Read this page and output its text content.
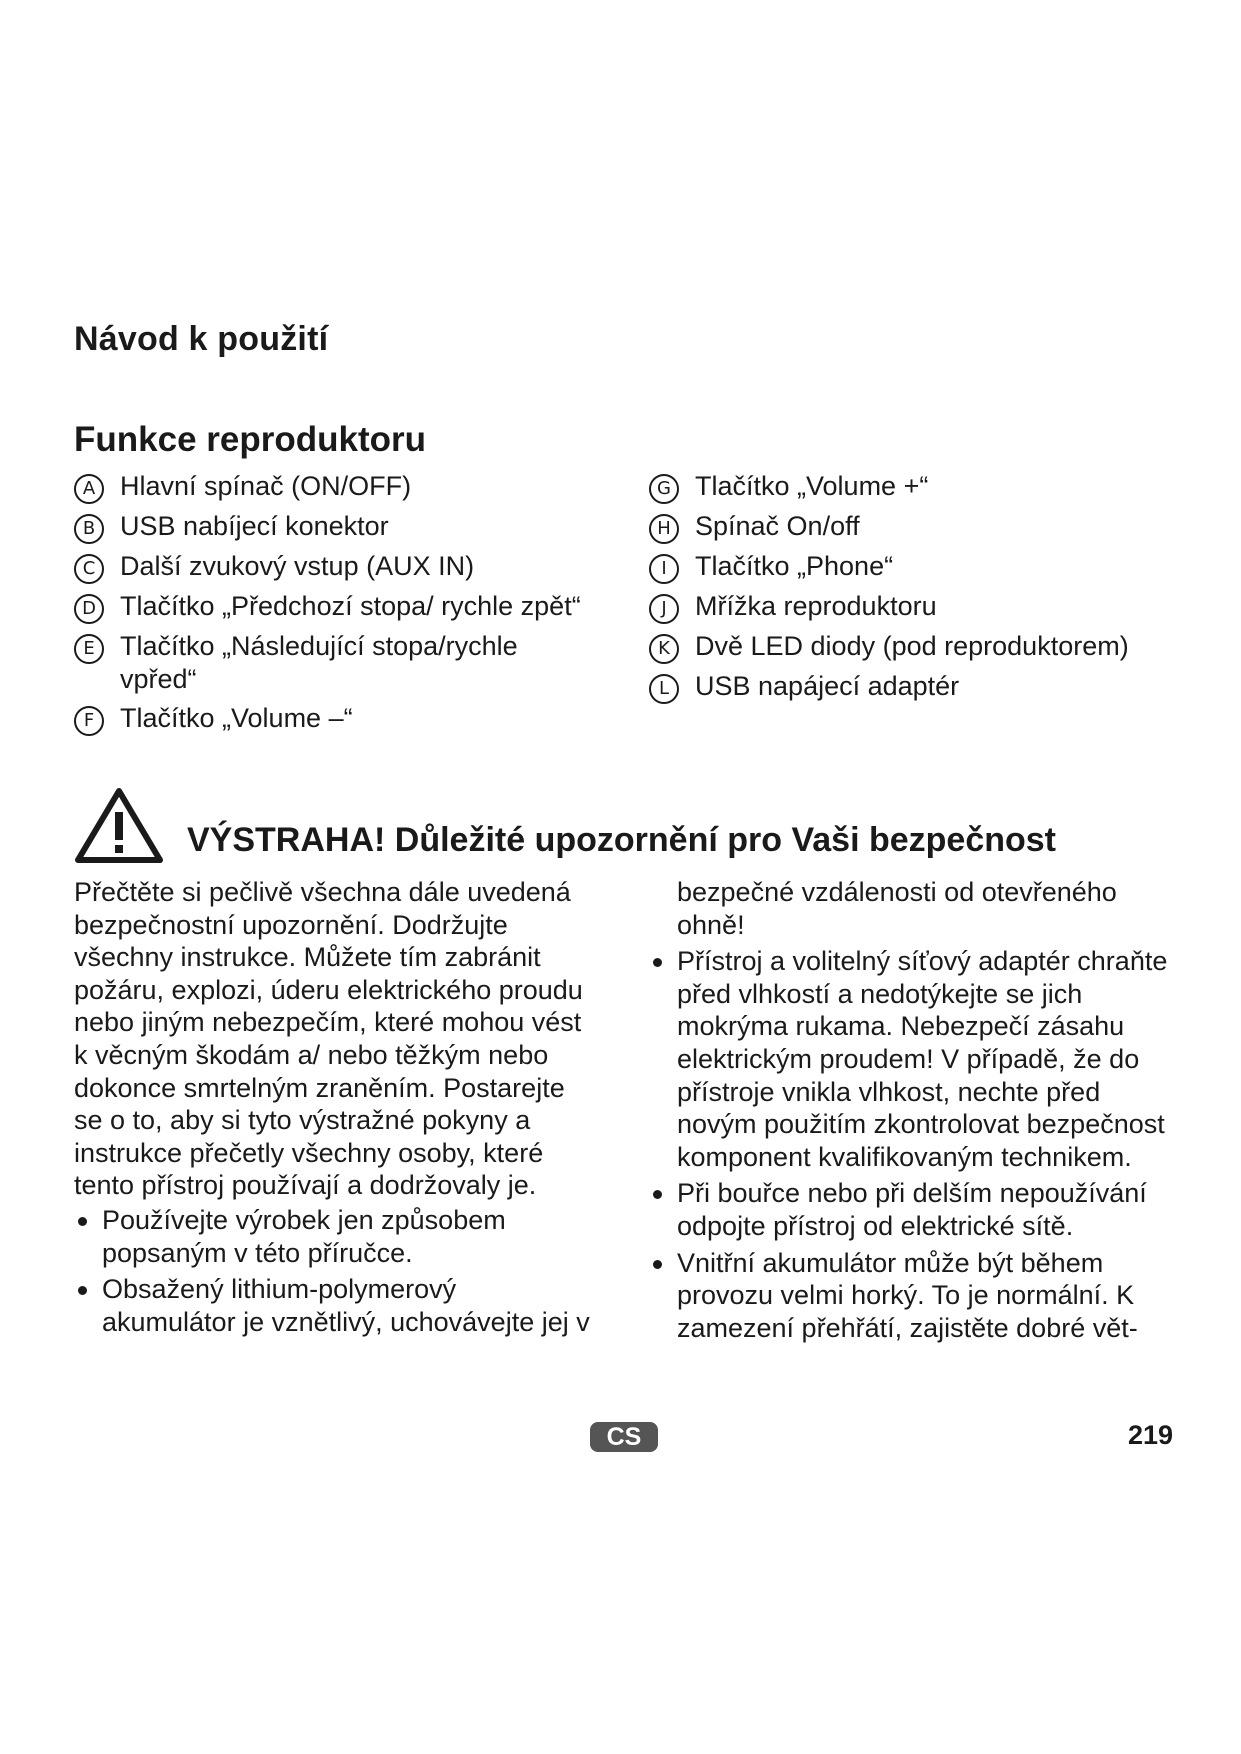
Návod k použití
Funkce reproduktoru
A Hlavní spínač (ON/OFF)
B USB nabíjecí konektor
C Další zvukový vstup (AUX IN)
D Tlačítko „Předchozí stopa/ rychle zpět“
E Tlačítko „Následující stopa/rychle vpřed“
F Tlačítko „Volume –“
G Tlačítko „Volume +“
H Spínač On/off
I	Tlačítko „Phone“
J	Mřížka reproduktoru
K Dvě LED diody (pod reproduktorem)
L USB napájecí adaptér
VÝSTRAHA! Důležité upozornění pro Vaši bezpečnost

Přečtěte si pečlivě všechna dále uvedená bezpečnostní upozornění. Dodržujte všechny instrukce. Můžete tím zabránit požáru, explozi, úderu elektrického proudu nebo jiným nebezpečím, které mohou vést k věcným škodám a/ nebo těžkým nebo dokonce smrtelným zraněním. Postarejte se o to, aby si tyto výstražné pokyny a instrukce přečetly všechny osoby, které tento přístroj používají a dodržovaly je.

Používejte výrobek jen způsobem popsaným v této příručce.
Obsažený lithium-polymerový akumulátor je vznětlivý, uchovávejte jej v
bezpečné vzdálenosti od otevřeného ohně!
Přístroj a volitelný síťový adaptér chraňte před vlhkostí a nedotýkejte se jich mokrýma rukama. Nebezpečí zásahu elektrickým proudem! V případě, že do přístroje vnikla vlhkost, nechte před novým použitím zkontrolovat bezpečnost komponent kvalifikovaným technikem.
Při bouřce nebo při delším nepoužívání odpojte přístroj od elektrické sítě.
Vnitřní akumulátor může být během provozu velmi horký. To je normální. K zamezení přehřátí, zajistěte dobré vět-
CS	219
